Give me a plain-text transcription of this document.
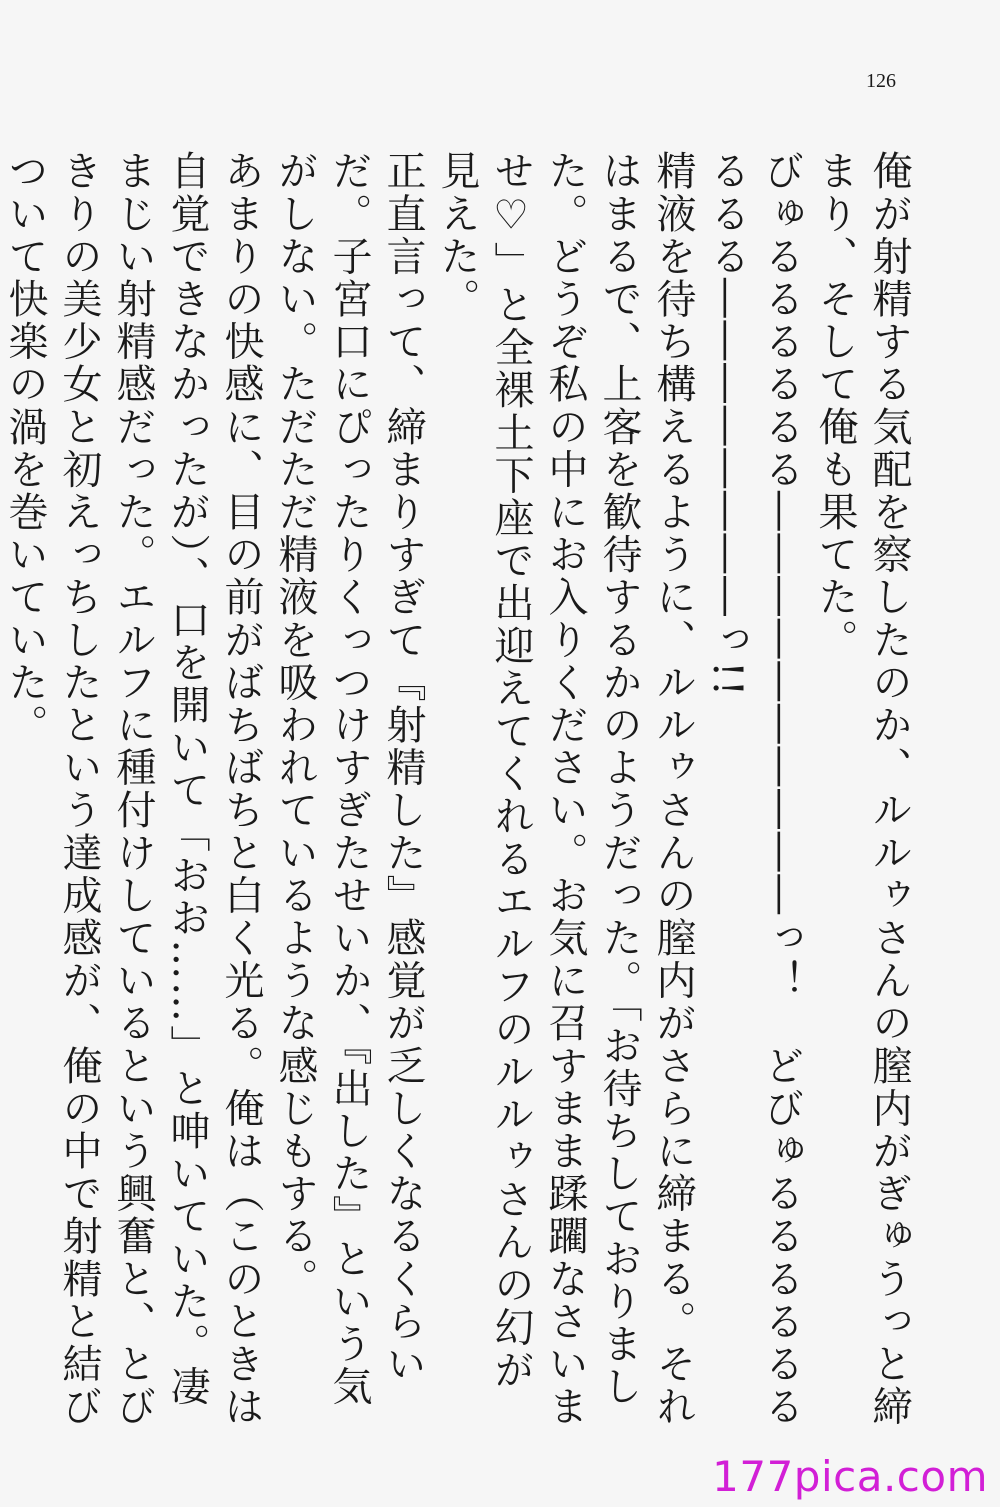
126
俺が射精する気配を察したのか、ルルゥさんの膣内がぎゅうっと締まり、そして俺も果てた。
びゅるるるるるる――――――――――っ！　どびゅるるるるるるるるる――――――――っ!!
精液を待ち構えるように、ルルゥさんの膣内がさらに締まる。それはまるで、上客を歓待するかのようだった。「お待ちしておりました。どうぞ私の中にお入りください。お気に召すまま蹂躙なさいませ♡」と全裸土下座で出迎えてくれるエルフのルルゥさんの幻が見えた。
正直言って、締まりすぎて『射精した』感覚が乏しくなるくらいだ。子宮口にぴったりくっつけすぎたせいか、『出した』という気がしない。ただただ精液を吸われているような感じもする。
あまりの快感に、目の前がばちばちと白く光る。俺は（このときは自覚できなかったが）、口を開いて「おお……」と呻いていた。凄まじい射精感だった。エルフに種付けしているという興奮と、とびきりの美少女と初えっちしたという達成感が、俺の中で射精と結びついて快楽の渦を巻いていた。

177pica.com
